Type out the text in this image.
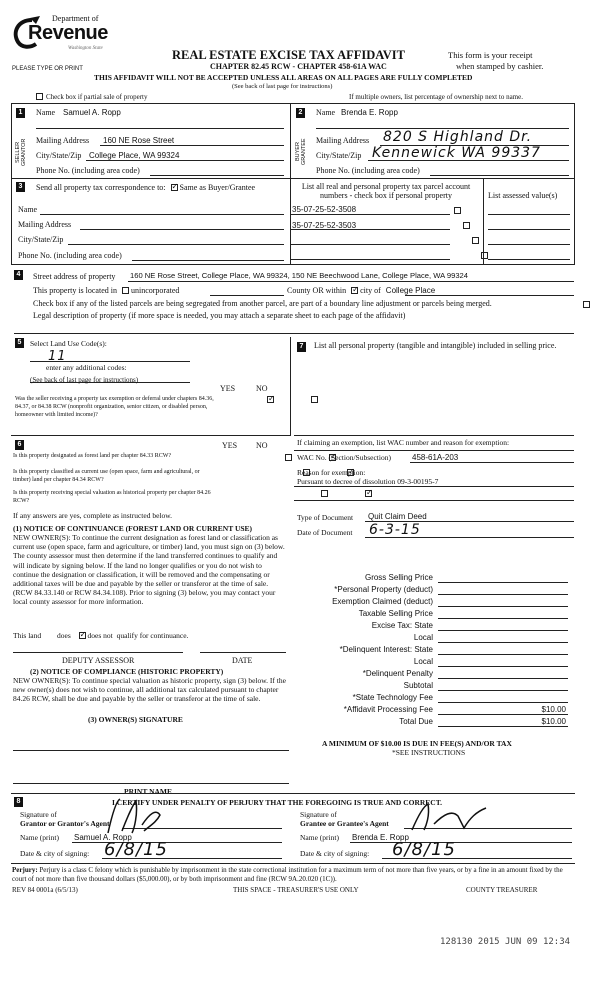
Department of
Revenue
Washington State
PLEASE TYPE OR PRINT
REAL ESTATE EXCISE TAX AFFIDAVIT
CHAPTER 82.45 RCW - CHAPTER 458-61A WAC
This form is your receipt
when stamped by cashier.
THIS AFFIDAVIT WILL NOT BE ACCEPTED UNLESS ALL AREAS ON ALL PAGES ARE FULLY COMPLETED
(See back of last page for instructions)
Check box if partial sale of property	If multiple owners, list percentage of ownership next to name.
1
SELLER GRANTOR
Name Samuel A. Ropp
Mailing Address 160 NE Rose Street
City/State/Zip College Place, WA 99324
Phone No. (including area code)
2
BUYER GRANTEE
Name Brenda E. Ropp
Mailing Address 820 S Highland Dr.
City/State/Zip Kennewick WA 99337
Phone No. (including area code)
3	Send all property tax correspondence to: ✓ Same as Buyer/Grantee
Name
Mailing Address
City/State/Zip
Phone No. (including area code)
List all real and personal property tax parcel account
numbers - check box if personal property	List assessed value(s)
35-07-25-52-3508
35-07-25-52-3503

4	Street address of property 160 NE Rose Street, College Place, WA 99324, 150 NE Beechwood Lane, College Place, WA 99324
This property is located in unincorporated	County OR within ✓ city of College Place
Check box if any of the listed parcels are being segregated from another parcel, are part of a boundary line adjustment or parcels being merged.

Legal description of property (if more space is needed, you may attach a separate sheet to each page of the affidavit)
5	Select Land Use Code(s):
11
enter any additional codes:
(See back of last page for instructions)
YES	NO
Was the seller receiving a property tax exemption or deferral under chapters 84.36, 84.37, or 84.38 RCW (nonprofit organization, senior citizen, or disabled person, homeowner with limited income)?
✓
7	List all personal property (tangible and intangible) included in selling price.
6	YES NO
Is this property designated as forest land per chapter 84.33 RCW?
✓
Is this property classified as current use (open space, farm and agricultural, or timber) land per chapter 84.34 RCW?
✓
Is this property receiving special valuation as historical property per chapter 84.26 RCW?
✓
If any answers are yes, complete as instructed below.
(1) NOTICE OF CONTINUANCE (FOREST LAND OR CURRENT USE)
NEW OWNER(S): To continue the current designation as forest land or classification as current use (open space, farm and agriculture, or timber) land, you must sign on (3) below. The county assessor must then determine if the land transferred continues to qualify and will indicate by signing below. If the land no longer qualifies or you do not wish to continue the designation or classification, it will be removed and the compensating or additional taxes will be due and payable by the seller or transferor at the time of sale. (RCW 84.33.140 or RCW 84.34.108). Prior to signing (3) below, you may contact your local county assessor for more information.
This land does ✓ does not qualify for continuance.
DEPUTY ASSESSOR	DATE
(2) NOTICE OF COMPLIANCE (HISTORIC PROPERTY)
NEW OWNER(S): To continue special valuation as historic property, sign (3) below. If the new owner(s) does not wish to continue, all additional tax calculated pursuant to chapter 84.26 RCW, shall be due and payable by the seller or transferor at the time of sale.
(3) OWNER(S) SIGNATURE
PRINT NAME
If claiming an exemption, list WAC number and reason for exemption:
WAC No. (Section/Subsection)	458-61A-203
Reason for exemption:
Pursuant to decree of dissolution 09-3-00195-7
Type of Document Quit Claim Deed
Date of Document 6-3-15
Gross Selling Price
*Personal Property (deduct)
Exemption Claimed (deduct)
Taxable Selling Price
Excise Tax: State
Local
*Delinquent Interest: State
Local
*Delinquent Penalty
Subtotal
*State Technology Fee
*Affidavit Processing Fee	$10.00
Total Due	$10.00
A MINIMUM OF $10.00 IS DUE IN FEE(S) AND/OR TAX
*SEE INSTRUCTIONS
8	I CERTIFY UNDER PENALTY OF PERJURY THAT THE FOREGOING IS TRUE AND CORRECT.
Signature of
Grantor or Grantor's Agent
Name (print) Samuel A. Ropp
Date & city of signing: 6/8/15
Signature of
Grantee or Grantee's Agent
Name (print) Brenda E. Ropp
Date & city of signing: 6/8/15
Perjury: Perjury is a class C felony which is punishable by imprisonment in the state correctional institution for a maximum term of not more than five years, or by a fine in an amount fixed by the court of not more than five thousand dollars ($5,000.00), or by both imprisonment and fine (RCW 9A.20.020 (1C)).
REV 84 0001a (6/5/13)	THIS SPACE - TREASURER'S USE ONLY	COUNTY TREASURER
128130 2015 JUN 09 12:34
